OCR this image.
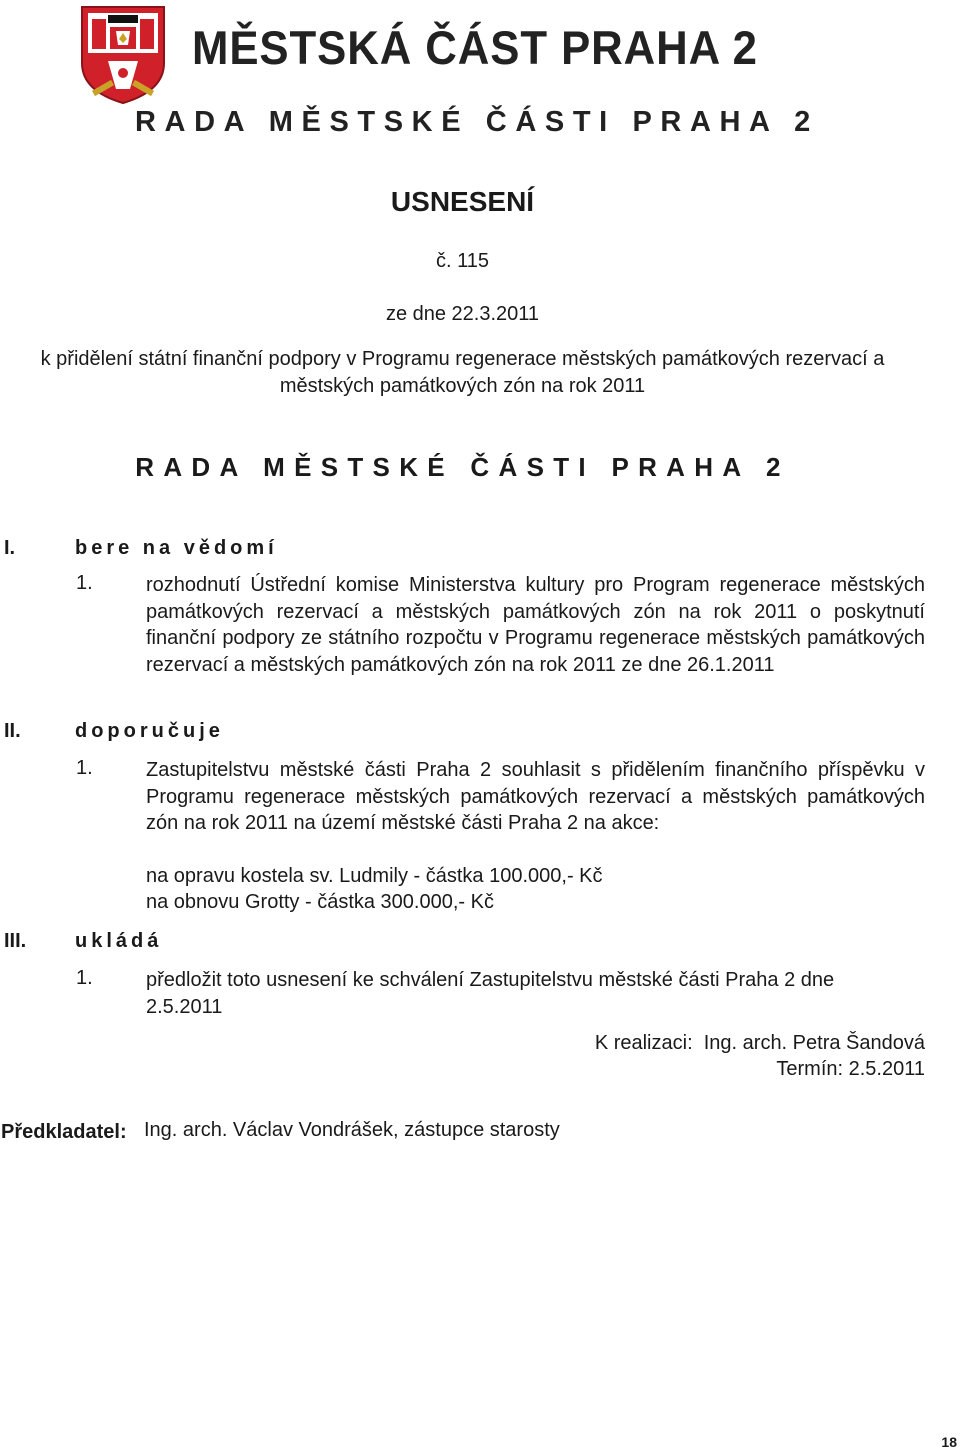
MĚSTSKÁ ČÁST PRAHA 2
RADA MĚSTSKÉ ČÁSTI PRAHA 2
USNESENÍ
č. 115
ze dne 22.3.2011
k přidělení státní finanční podpory v Programu regenerace městských památkových rezervací a městských památkových zón na rok 2011
RADA MĚSTSKÉ ČÁSTI PRAHA 2
I.	bere na vědomí
1.	rozhodnutí Ústřední komise Ministerstva kultury pro Program regenerace městských památkových rezervací a městských památkových zón na rok 2011 o poskytnutí finanční podpory ze státního rozpočtu v Programu regenerace městských památkových rezervací a městských památkových zón na rok 2011 ze dne 26.1.2011
II.	doporučuje
1.	Zastupitelstvu městské části Praha 2 souhlasit s přidělením finančního příspěvku v Programu regenerace městských památkových rezervací a městských památkových zón na rok 2011 na území městské části Praha 2 na akce:
na opravu kostela sv. Ludmily - částka 100.000,- Kč
na obnovu Grotty - částka 300.000,- Kč
III. ukládá
1.	předložit toto usnesení ke schválení Zastupitelstvu městské části Praha 2 dne 2.5.2011
K realizaci:  Ing. arch. Petra Šandová
Termín: 2.5.2011
Předkladatel: Ing. arch. Václav Vondrášek, zástupce starosty
18
